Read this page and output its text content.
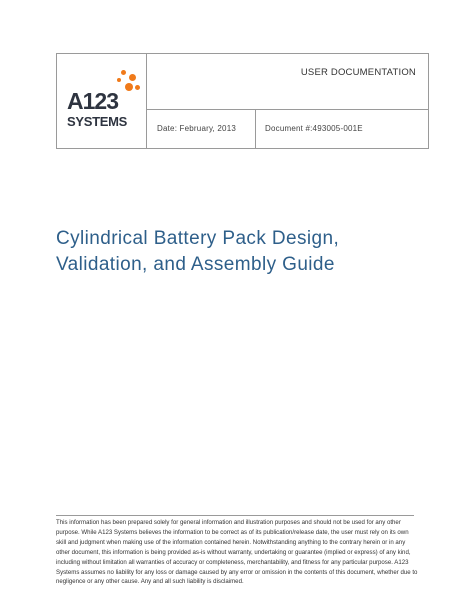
A123
SYSTEMS
USER DOCUMENTATION
Date: February, 2013	Document #:493005-001E
Cylindrical Battery Pack Design,
Validation, and Assembly Guide

This information has been prepared solely for general information and illustration purposes and should not be used for any other purpose. While A123 Systems believes the information to be correct as of its publication/release date, the user must rely on its own skill and judgment when making use of the information contained herein. Notwithstanding anything to the contrary herein or in any other document, this information is being provided as-is without warranty, undertaking or guarantee (implied or express) of any kind, including without limitation all warranties of accuracy or completeness, merchantability, and fitness for any particular purpose. A123 Systems assumes no liability for any loss or damage caused by any error or omission in the contents of this document, whether due to negligence or any other cause. Any and all such liability is disclaimed.
